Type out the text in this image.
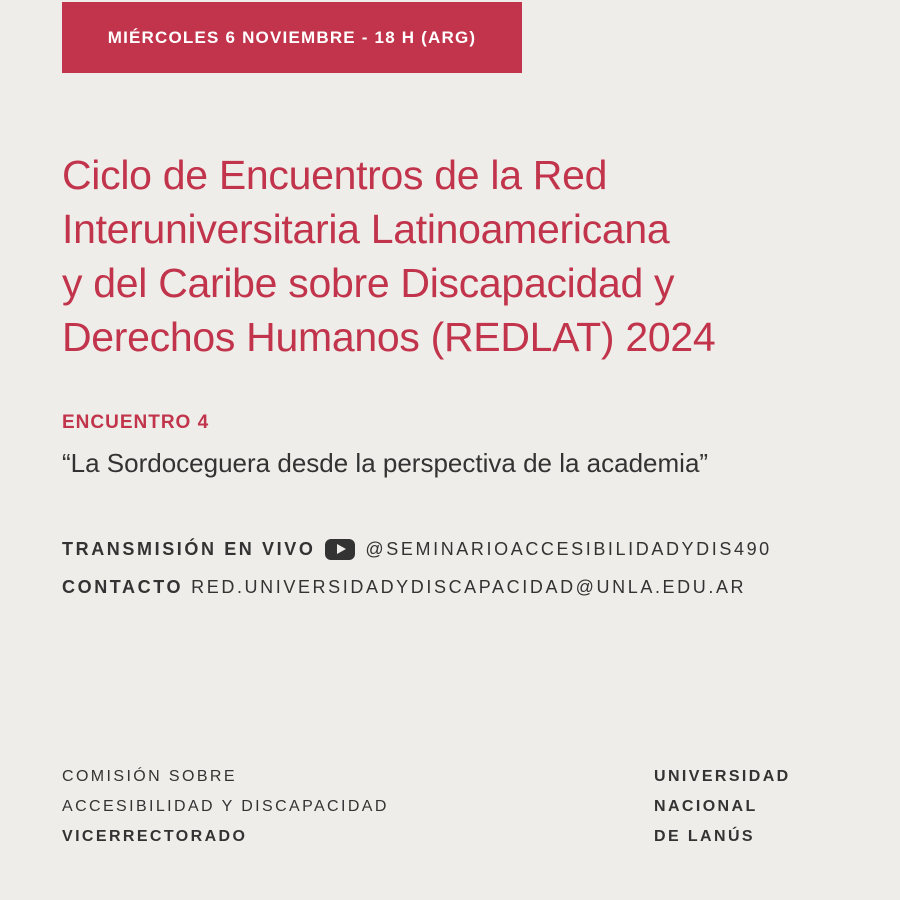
MIÉRCOLES 6 NOVIEMBRE - 18 H (ARG)
Ciclo de Encuentros de la Red
Interuniversitaria Latinoamericana
y del Caribe sobre Discapacidad y
Derechos Humanos (REDLAT) 2024
ENCUENTRO 4
“La Sordoceguera desde la perspectiva de la academia”
TRANSMISIÓN EN VIVO	@SEMINARIOACCESIBILIDADYDIS490
CONTACTO RED.UNIVERSIDADYDISCAPACIDAD@UNLA.EDU.AR
COMISIÓN SOBRE
ACCESIBILIDAD Y DISCAPACIDAD
VICERRECTORADO
UNIVERSIDAD
NACIONAL
DE LANÚS
